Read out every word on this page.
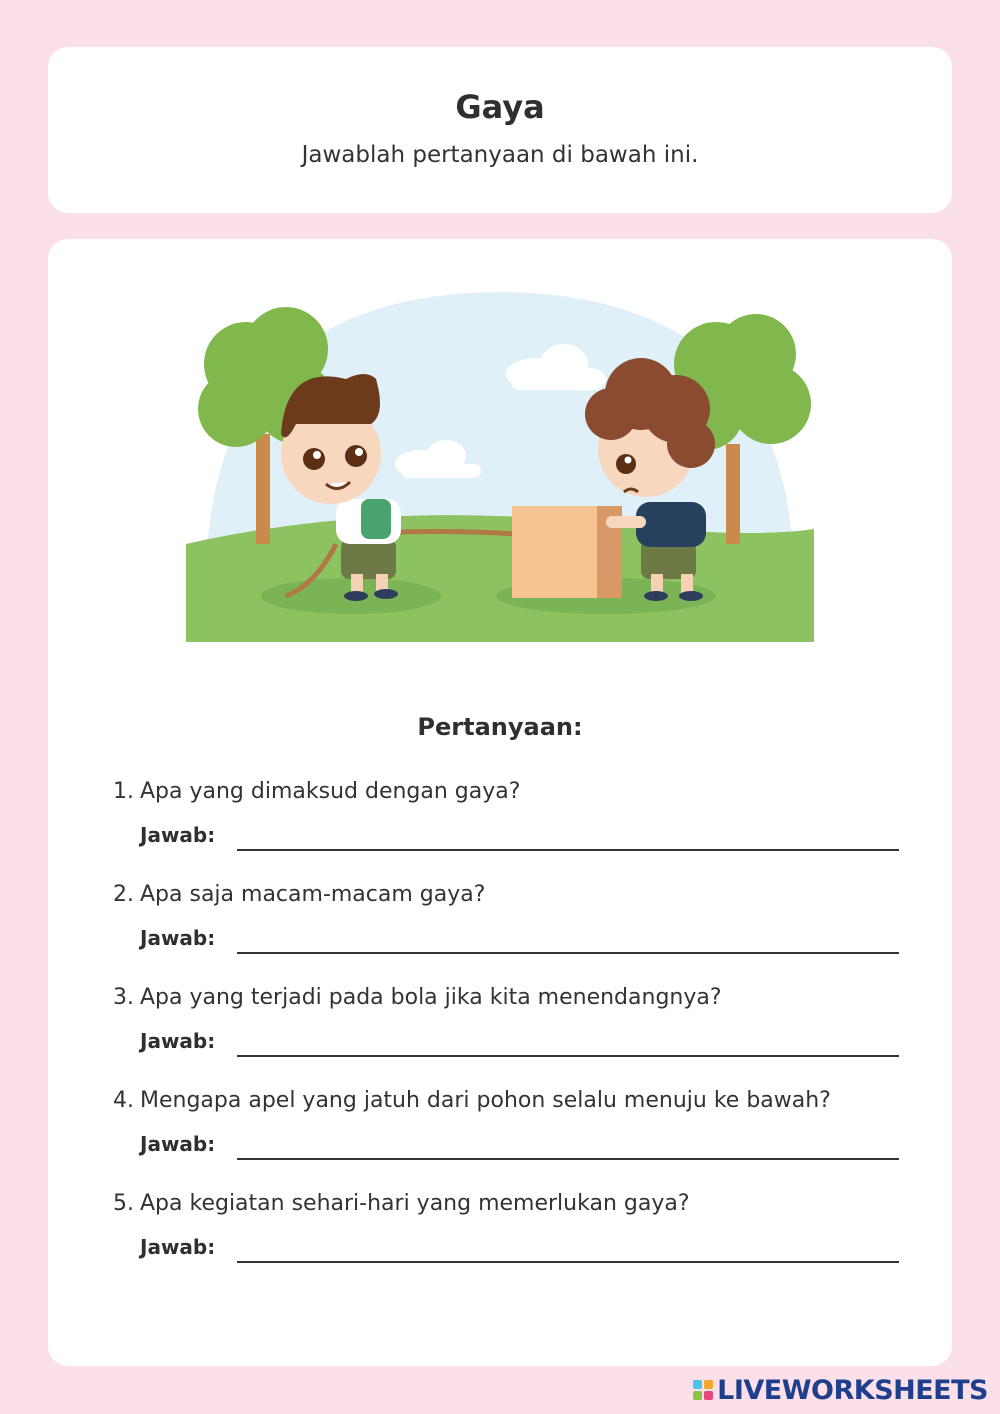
Gaya
Jawablah pertanyaan di bawah ini.
Pertanyaan:
1. Apa yang dimaksud dengan gaya?
Jawab:
2. Apa saja macam-macam gaya?
Jawab:
3. Apa yang terjadi pada bola jika kita menendangnya?
Jawab:
4. Mengapa apel yang jatuh dari pohon selalu menuju ke bawah?
Jawab:
5. Apa kegiatan sehari-hari yang memerlukan gaya?
Jawab:
LIVEWORKSHEETS
